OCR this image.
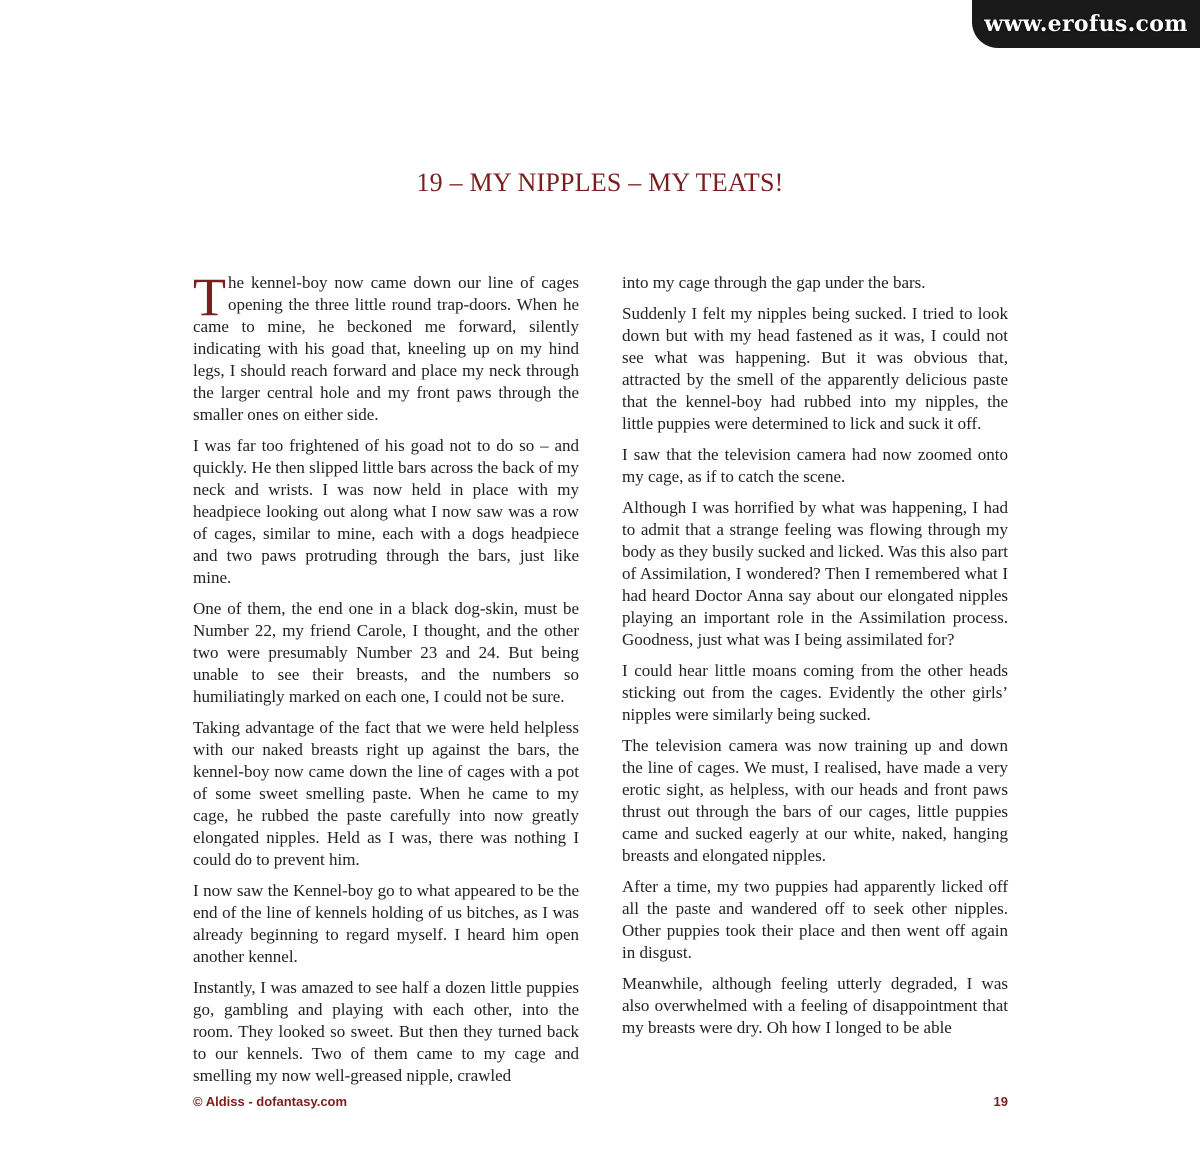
www.erofus.com
19 – MY NIPPLES – MY TEATS!

The kennel-boy now came down our line of cages opening the three little round trap-doors. When he came to mine, he beckoned me forward, silently indicating with his goad that, kneeling up on my hind legs, I should reach forward and place my neck through the larger central hole and my front paws through the smaller ones on either side.

I was far too frightened of his goad not to do so – and quickly. He then slipped little bars across the back of my neck and wrists. I was now held in place with my headpiece looking out along what I now saw was a row of cages, similar to mine, each with a dogs headpiece and two paws protruding through the bars, just like mine.

One of them, the end one in a black dog-skin, must be Number 22, my friend Carole, I thought, and the other two were presumably Number 23 and 24. But being unable to see their breasts, and the numbers so humiliatingly marked on each one, I could not be sure.

Taking advantage of the fact that we were held helpless with our naked breasts right up against the bars, the kennel-boy now came down the line of cages with a pot of some sweet smelling paste. When he came to my cage, he rubbed the paste carefully into now greatly elongated nipples. Held as I was, there was nothing I could do to prevent him.

I now saw the Kennel-boy go to what appeared to be the end of the line of kennels holding of us bitches, as I was already beginning to regard myself. I heard him open another kennel.

Instantly, I was amazed to see half a dozen little puppies go, gambling and playing with each other, into the room. They looked so sweet. But then they turned back to our kennels. Two of them came to my cage and smelling my now well-greased nipple, crawled

into my cage through the gap under the bars.

Suddenly I felt my nipples being sucked. I tried to look down but with my head fastened as it was, I could not see what was happening. But it was obvious that, attracted by the smell of the apparently delicious paste that the kennel-boy had rubbed into my nipples, the little puppies were determined to lick and suck it off.

I saw that the television camera had now zoomed onto my cage, as if to catch the scene.

Although I was horrified by what was happening, I had to admit that a strange feeling was flowing through my body as they busily sucked and licked. Was this also part of Assimilation, I wondered? Then I remembered what I had heard Doctor Anna say about our elongated nipples playing an important role in the Assimilation process. Goodness, just what was I being assimilated for?

I could hear little moans coming from the other heads sticking out from the cages. Evidently the other girls’ nipples were similarly being sucked.

The television camera was now training up and down the line of cages. We must, I realised, have made a very erotic sight, as helpless, with our heads and front paws thrust out through the bars of our cages, little puppies came and sucked eagerly at our white, naked, hanging breasts and elongated nipples.

After a time, my two puppies had apparently licked off all the paste and wandered off to seek other nipples. Other puppies took their place and then went off again in disgust.

Meanwhile, although feeling utterly degraded, I was also overwhelmed with a feeling of disappointment that my breasts were dry. Oh how I longed to be able

© Aldiss - dofantasy.com	19
